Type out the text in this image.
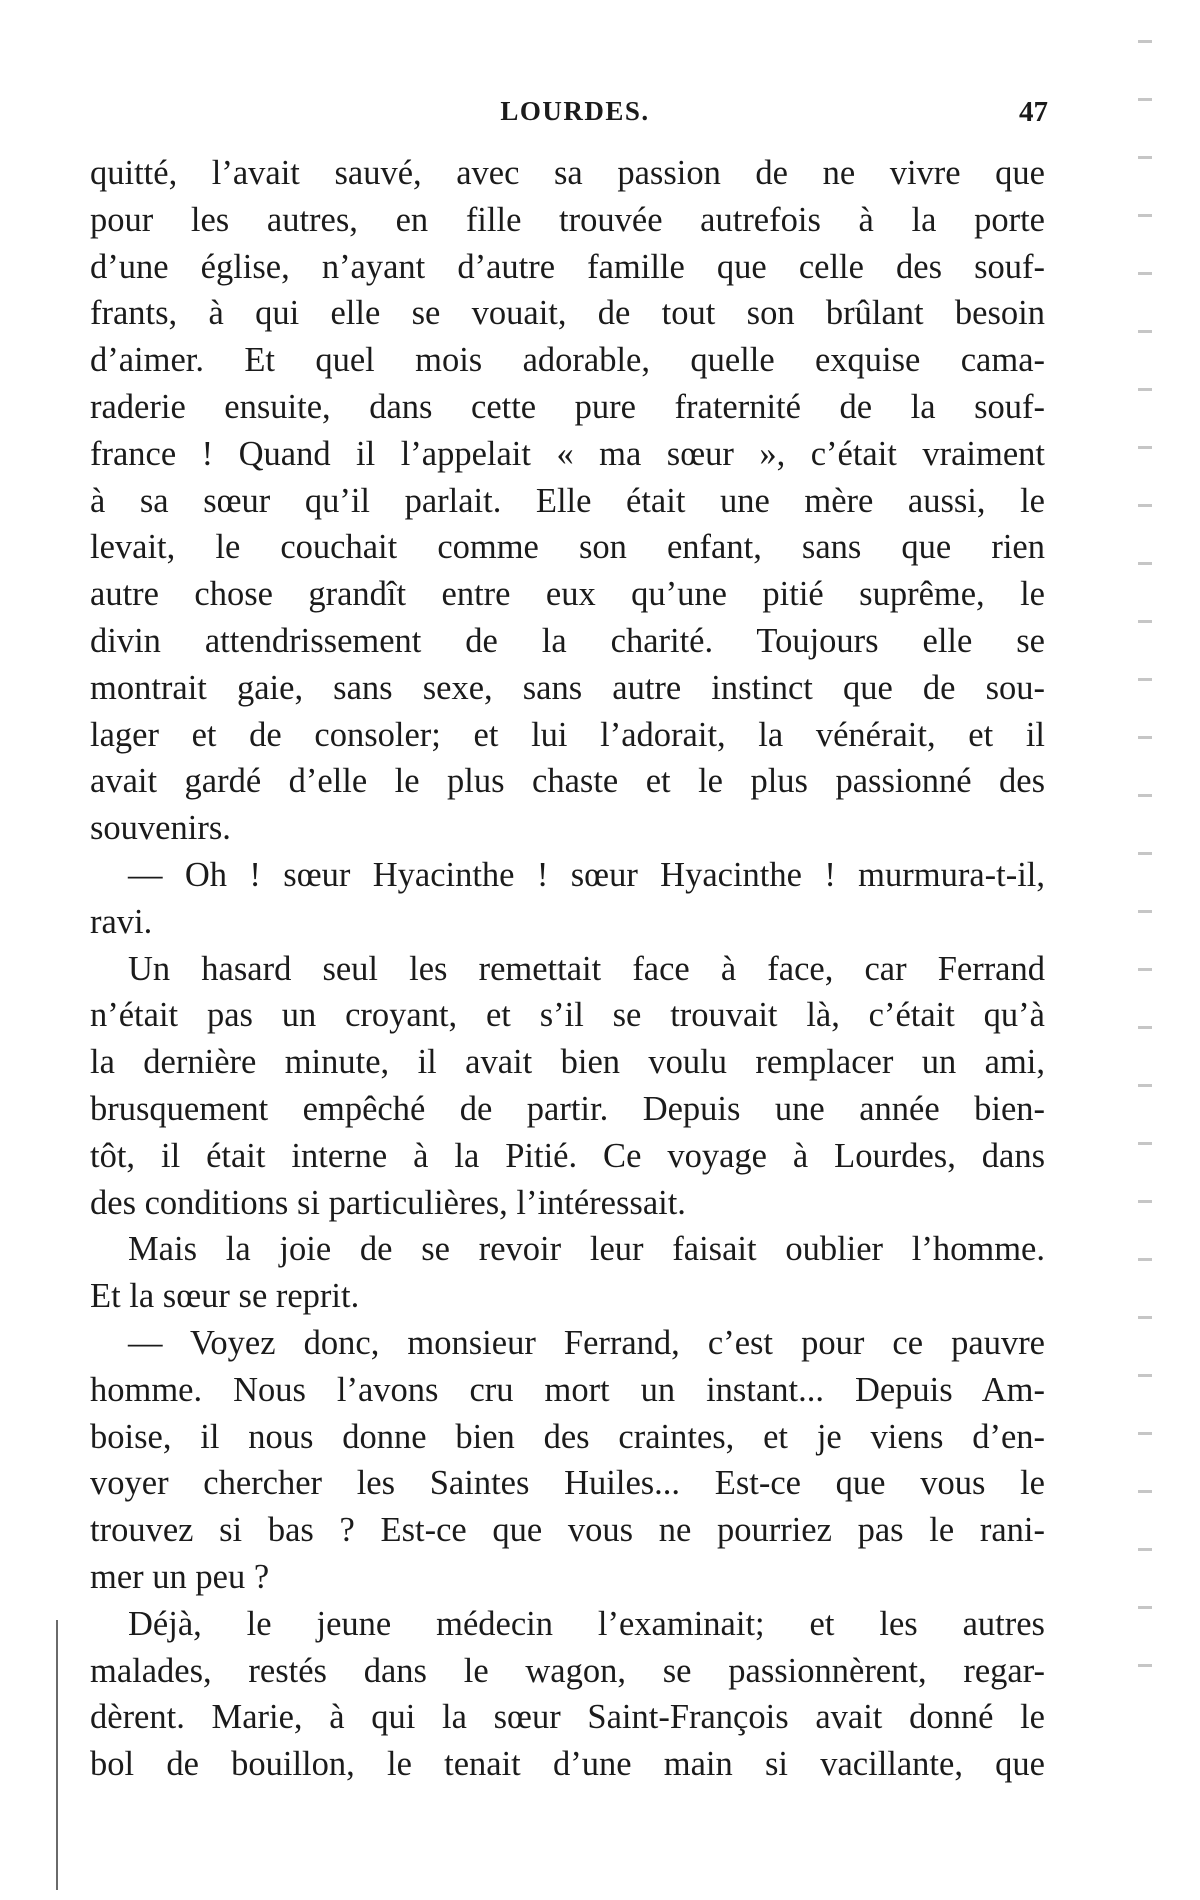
LOURDES.	47
quitté, l’avait sauvé, avec sa passion de ne vivre que
pour les autres, en fille trouvée autrefois à la porte
d’une église, n’ayant d’autre famille que celle des souf-
frants, à qui elle se vouait, de tout son brûlant besoin
d’aimer. Et quel mois adorable, quelle exquise cama-
raderie ensuite, dans cette pure fraternité de la souf-
france ! Quand il l’appelait « ma sœur », c’était vraiment
à sa sœur qu’il parlait. Elle était une mère aussi, le
levait, le couchait comme son enfant, sans que rien
autre chose grandît entre eux qu’une pitié suprême, le
divin attendrissement de la charité. Toujours elle se
montrait gaie, sans sexe, sans autre instinct que de sou-
lager et de consoler; et lui l’adorait, la vénérait, et il
avait gardé d’elle le plus chaste et le plus passionné des
souvenirs.
— Oh ! sœur Hyacinthe ! sœur Hyacinthe ! murmura-t-il,
ravi.
Un hasard seul les remettait face à face, car Ferrand
n’était pas un croyant, et s’il se trouvait là, c’était qu’à
la dernière minute, il avait bien voulu remplacer un ami,
brusquement empêché de partir. Depuis une année bien-
tôt, il était interne à la Pitié. Ce voyage à Lourdes, dans
des conditions si particulières, l’intéressait.
Mais la joie de se revoir leur faisait oublier l’homme.
Et la sœur se reprit.
— Voyez donc, monsieur Ferrand, c’est pour ce pauvre
homme. Nous l’avons cru mort un instant... Depuis Am-
boise, il nous donne bien des craintes, et je viens d’en-
voyer chercher les Saintes Huiles... Est-ce que vous le
trouvez si bas ? Est-ce que vous ne pourriez pas le rani-
mer un peu ?
Déjà, le jeune médecin l’examinait; et les autres
malades, restés dans le wagon, se passionnèrent, regar-
dèrent. Marie, à qui la sœur Saint-François avait donné le
bol de bouillon, le tenait d’une main si vacillante, que
